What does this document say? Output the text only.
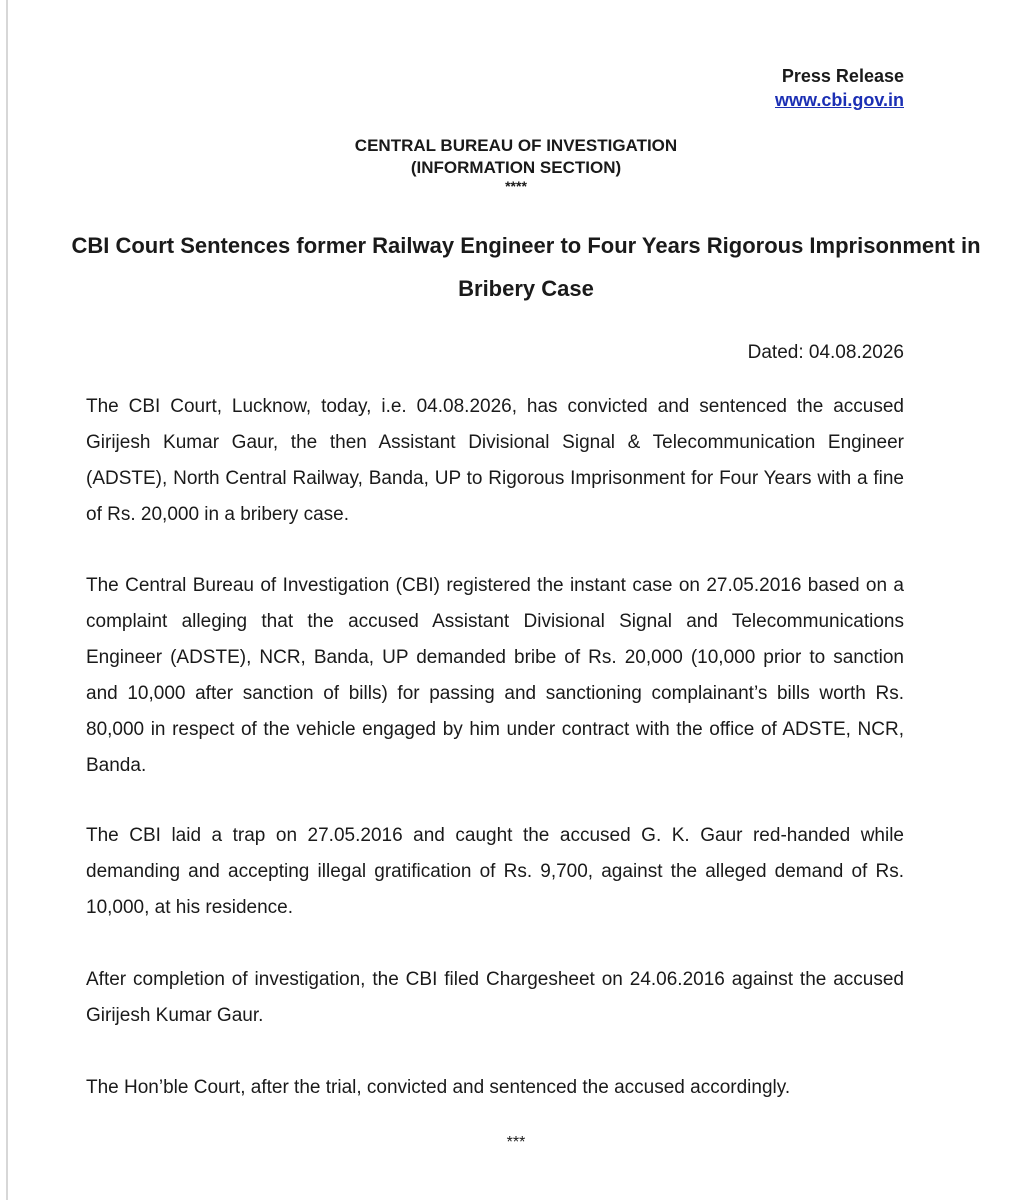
Press Release
www.cbi.gov.in
CENTRAL BUREAU OF INVESTIGATION
(INFORMATION SECTION)
****
CBI Court Sentences former Railway Engineer to Four Years Rigorous Imprisonment in Bribery Case
Dated: 04.08.2026

The CBI Court, Lucknow, today, i.e. 04.08.2026, has convicted and sentenced the accused Girijesh Kumar Gaur, the then Assistant Divisional Signal & Telecommunication Engineer (ADSTE), North Central Railway, Banda, UP to Rigorous Imprisonment for Four Years with a fine of Rs. 20,000 in a bribery case.

The Central Bureau of Investigation (CBI) registered the instant case on 27.05.2016 based on a complaint alleging that the accused Assistant Divisional Signal and Telecommunications Engineer (ADSTE), NCR, Banda, UP demanded bribe of Rs. 20,000 (10,000 prior to sanction and 10,000 after sanction of bills) for passing and sanctioning complainant’s bills worth Rs. 80,000 in respect of the vehicle engaged by him under contract with the office of ADSTE, NCR, Banda.

The CBI laid a trap on 27.05.2016 and caught the accused G. K. Gaur red-handed while demanding and accepting illegal gratification of Rs. 9,700, against the alleged demand of Rs. 10,000, at his residence.

After completion of investigation, the CBI filed Chargesheet on 24.06.2016 against the accused Girijesh Kumar Gaur.

The Hon’ble Court, after the trial, convicted and sentenced the accused accordingly.

***
